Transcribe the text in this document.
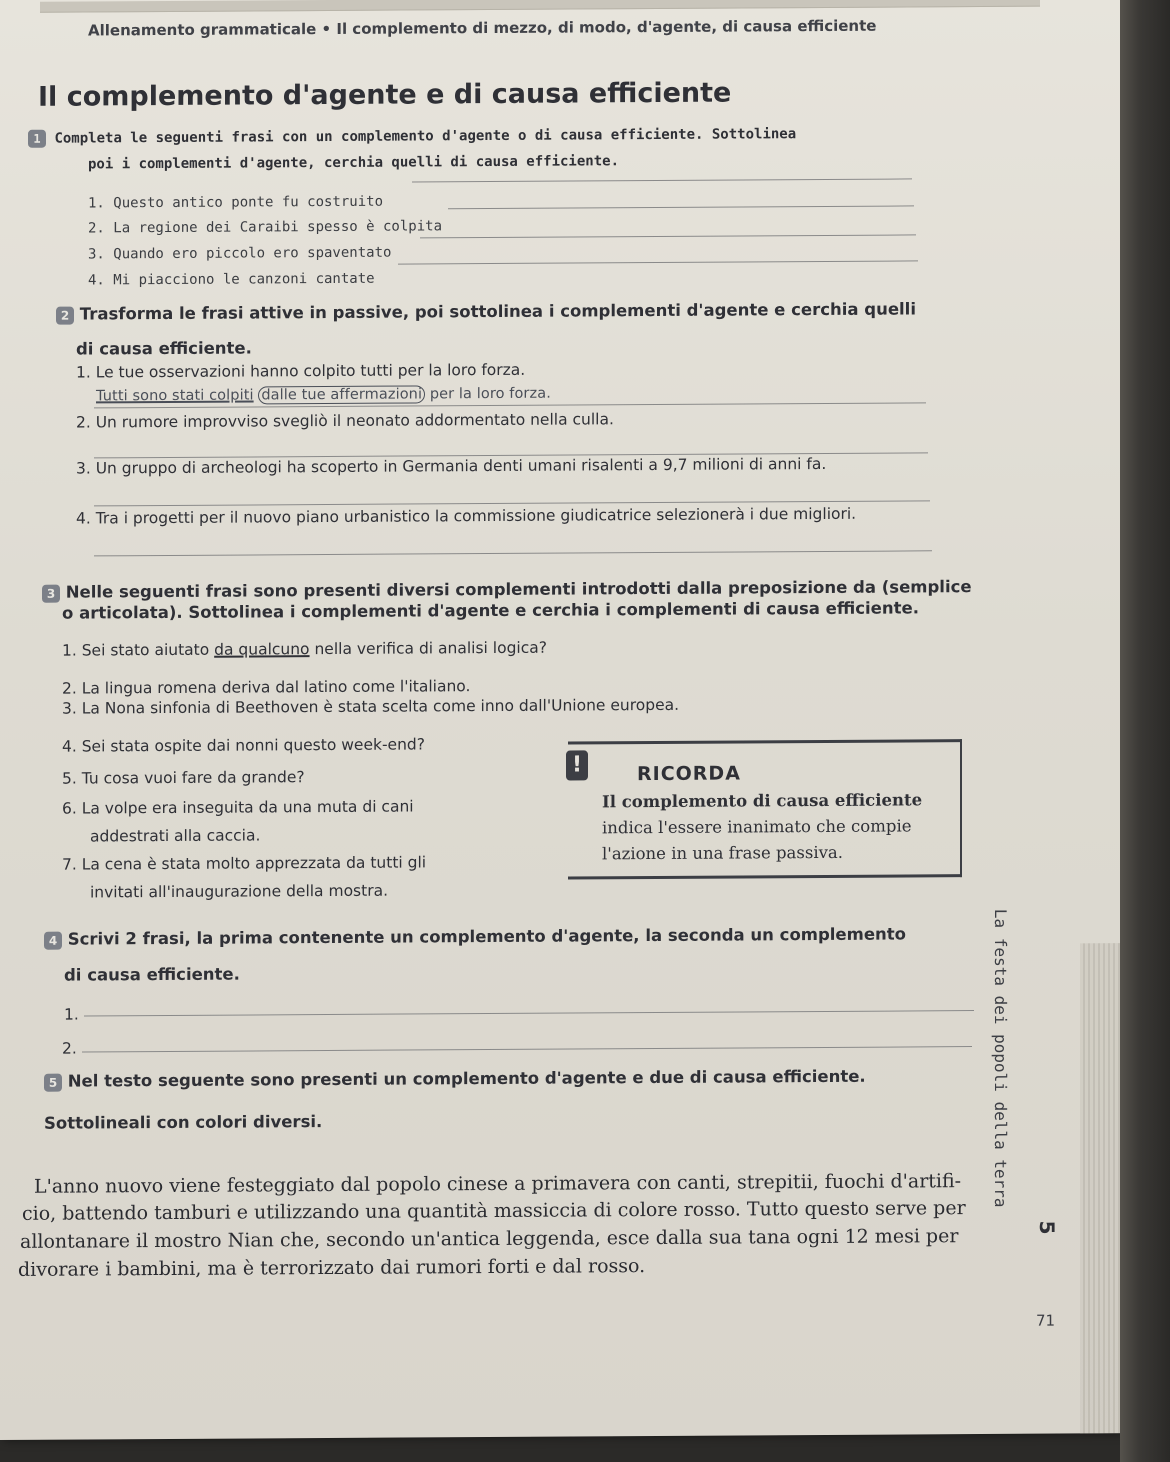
Allenamento grammaticale • Il complemento di mezzo, di modo, d'agente, di causa efficiente
Il complemento d'agente e di causa efficiente
1 Completa le seguenti frasi con un complemento d'agente o di causa efficiente. Sottolinea
poi i complementi d'agente, cerchia quelli di causa efficiente.
1. Questo antico ponte fu costruito
2. La regione dei Caraibi spesso è colpita
3. Quando ero piccolo ero spaventato
4. Mi piacciono le canzoni cantate
2 Trasforma le frasi attive in passive, poi sottolinea i complementi d'agente e cerchia quelli
di causa efficiente.
1. Le tue osservazioni hanno colpito tutti per la loro forza.
Tutti sono stati colpiti dalle tue affermazioni per la loro forza.
2. Un rumore improvviso svegliò il neonato addormentato nella culla.
3. Un gruppo di archeologi ha scoperto in Germania denti umani risalenti a 9,7 milioni di anni fa.
4. Tra i progetti per il nuovo piano urbanistico la commissione giudicatrice selezionerà i due migliori.
3 Nelle seguenti frasi sono presenti diversi complementi introdotti dalla preposizione da (semplice
o articolata). Sottolinea i complementi d'agente e cerchia i complementi di causa efficiente.
1. Sei stato aiutato da qualcuno nella verifica di analisi logica?
2. La lingua romena deriva dal latino come l'italiano.
3. La Nona sinfonia di Beethoven è stata scelta come inno dall'Unione europea.
4. Sei stata ospite dai nonni questo week-end?
5. Tu cosa vuoi fare da grande?
6. La volpe era inseguita da una muta di cani
addestrati alla caccia.
7. La cena è stata molto apprezzata da tutti gli
invitati all'inaugurazione della mostra.
!	RICORDA
Il complemento di causa efficiente
indica l'essere inanimato che compie
l'azione in una frase passiva.
4 Scrivi 2 frasi, la prima contenente un complemento d'agente, la seconda un complemento
di causa efficiente.
1.
2.
5 Nel testo seguente sono presenti un complemento d'agente e due di causa efficiente.
Sottolineali con colori diversi.
L'anno nuovo viene festeggiato dal popolo cinese a primavera con canti, strepitii, fuochi d'artifi-
cio, battendo tamburi e utilizzando una quantità massiccia di colore rosso. Tutto questo serve per
allontanare il mostro Nian che, secondo un'antica leggenda, esce dalla sua tana ogni 12 mesi per
divorare i bambini, ma è terrorizzato dai rumori forti e dal rosso.
La festa dei popoli della terra
5
71
